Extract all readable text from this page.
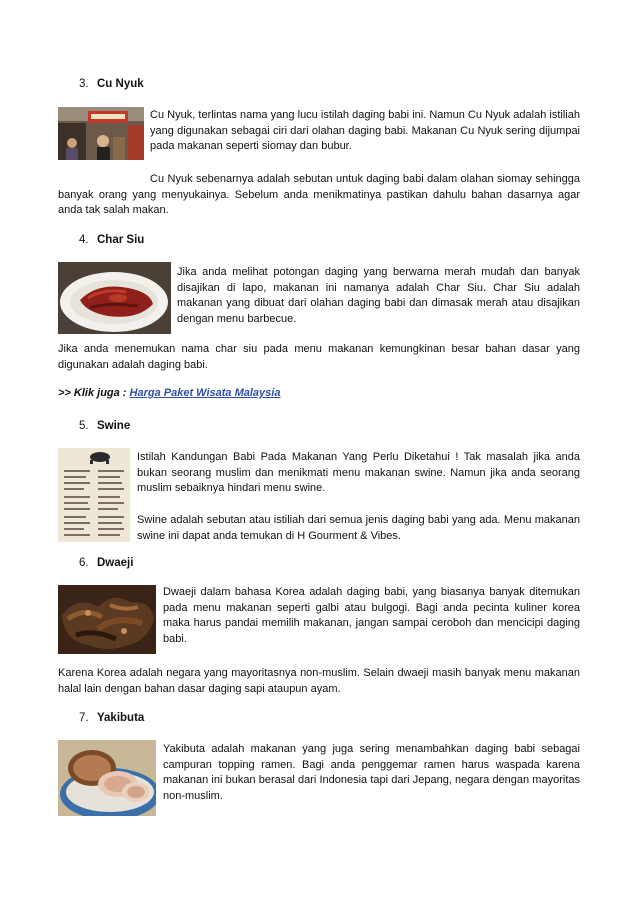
3. Cu Nyuk
Cu Nyuk, terlintas nama yang lucu istilah daging babi ini. Namun Cu Nyuk adalah istiliah yang digunakan sebagai ciri dari olahan daging babi. Makanan Cu Nyuk sering dijumpai pada makanan seperti siomay dan bubur.
Cu Nyuk sebenarnya adalah sebutan untuk daging babi dalam olahan siomay sehingga banyak orang yang menyukainya. Sebelum anda menikmatinya pastikan dahulu bahan dasarnya agar anda tak salah makan.
4. Char Siu
Jika anda melihat potongan daging yang berwarna merah mudah dan banyak disajikan di lapo, makanan ini namanya adalah Char Siu. Char Siu adalah makanan yang dibuat dari olahan daging babi dan dimasak merah atau disajikan dengan menu barbecue.
Jika anda menemukan nama char siu pada menu makanan kemungkinan besar bahan dasar yang digunakan adalah daging babi.
>> Klik juga : Harga Paket Wisata Malaysia
5. Swine
Istilah Kandungan Babi Pada Makanan Yang Perlu Diketahui ! Tak masalah jika anda bukan seorang muslim dan menikmati menu makanan swine. Namun jika anda seorang muslim sebaiknya hindari menu swine.
Swine adalah sebutan atau istiliah dari semua jenis daging babi yang ada. Menu makanan swine ini dapat anda temukan di H Gourment & Vibes.
6. Dwaeji
Dwaeji dalam bahasa Korea adalah daging babi, yang biasanya banyak ditemukan pada menu makanan seperti galbi atau bulgogi. Bagi anda pecinta kuliner korea maka harus pandai memilih makanan, jangan sampai ceroboh dan mencicipi daging babi.
Karena Korea adalah negara yang mayoritasnya non-muslim. Selain dwaeji masih banyak menu makanan halal lain dengan bahan dasar daging sapi ataupun ayam.
7. Yakibuta
Yakibuta adalah makanan yang juga sering menambahkan daging babi sebagai campuran topping ramen. Bagi anda penggemar ramen harus waspada karena makanan ini bukan berasal dari Indonesia tapi dari Jepang, negara dengan mayoritas non-muslim.
